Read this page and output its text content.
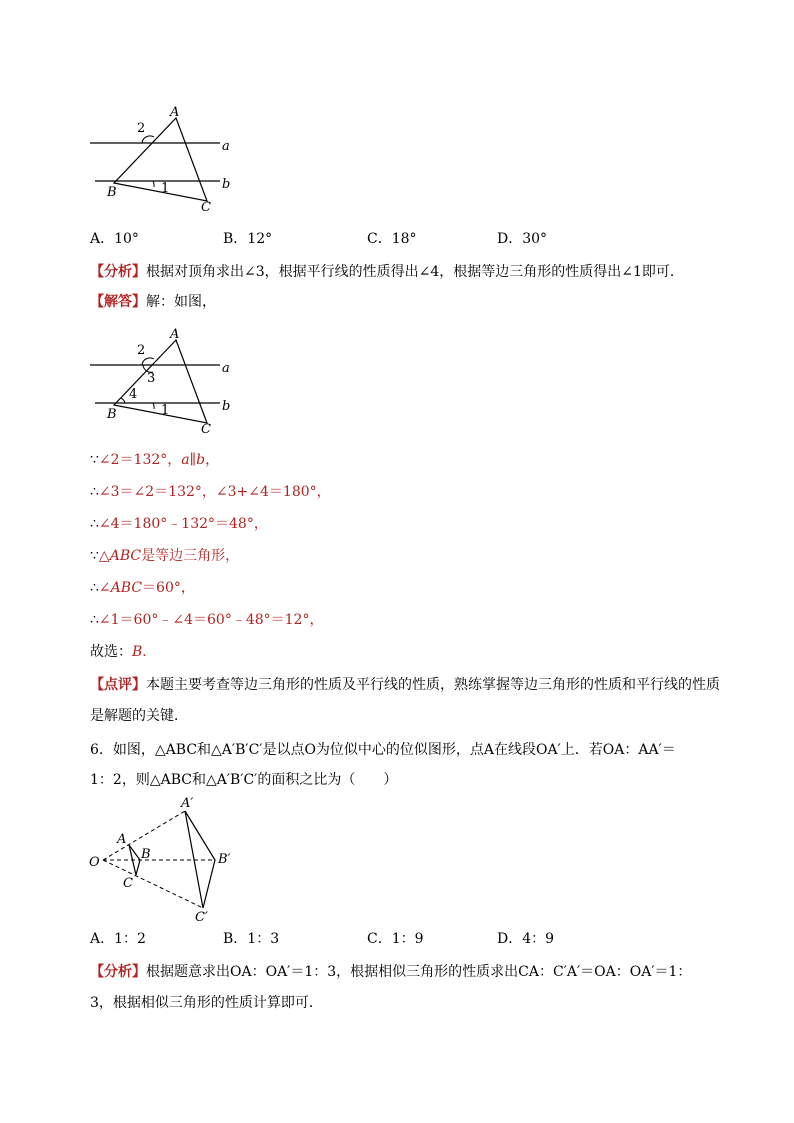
A
2
a
b
B	1
C
A．10°	B．12°	C．18°	D．30°
【分析】根据对顶角求出∠3，根据平行线的性质得出∠4，根据等边三角形的性质得出∠1即可．
【解答】解：如图，
A
2
3
a
4
b
B	1
C
∵∠2＝132°，a∥b，
∴∠3＝∠2＝132°，∠3+∠4＝180°，
∴∠4＝180°﹣132°＝48°，
∵△ABC是等边三角形，
∴∠ABC＝60°，
∴∠1＝60°﹣∠4＝60°﹣48°＝12°，
故选：B．
【点评】本题主要考查等边三角形的性质及平行线的性质，熟练掌握等边三角形的性质和平行线的性质
是解题的关键．
6．如图，△ABC和△A′B′C′是以点O为位似中心的位似图形，点A在线段OA′上．若OA：AA′＝
1：2，则△ABC和△A′B′C′的面积之比为（　　）
O
A
B
C
A′
B′
C′
A．1：2	B．1：3	C．1：9	D．4：9
【分析】根据题意求出OA：OA′＝1：3，根据相似三角形的性质求出CA：C′A′＝OA：OA′＝1：
3，根据相似三角形的性质计算即可．
